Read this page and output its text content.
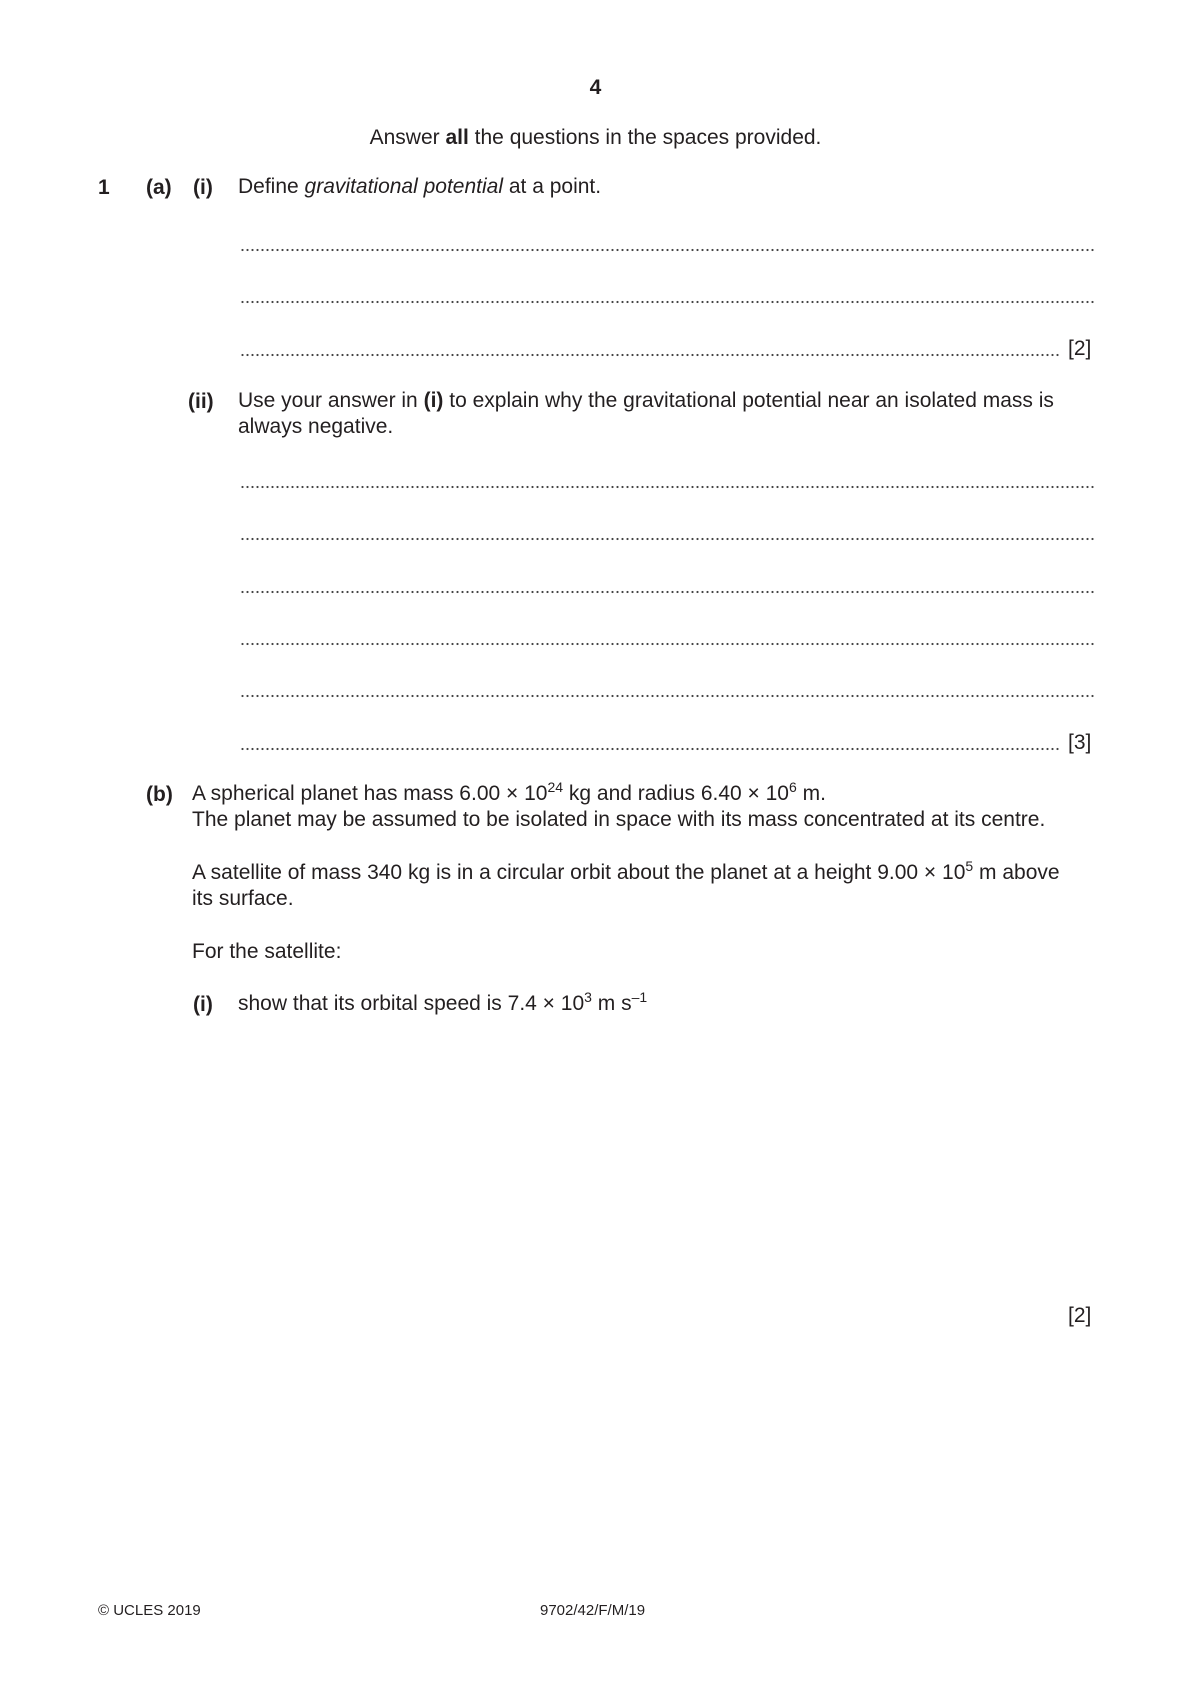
4
Answer all the questions in the spaces provided.
1 (a) (i) Define gravitational potential at a point.
[2]
(ii) Use your answer in (i) to explain why the gravitational potential near an isolated mass is
always negative.
[3]
(b) A spherical planet has mass $6.00 \times 10^{24}$ kg and radius $6.40 \times 10^6$ m.
The planet may be assumed to be isolated in space with its mass concentrated at its centre.
A satellite of mass 340 kg is in a circular orbit about the planet at a height $9.00 \times 10^5$ m above
its surface.
For the satellite:
(i) show that its orbital speed is $7.4 \times 10^3$ m $s^{-1}$
[2]
© UCLES 2019	9702/42/F/M/19
